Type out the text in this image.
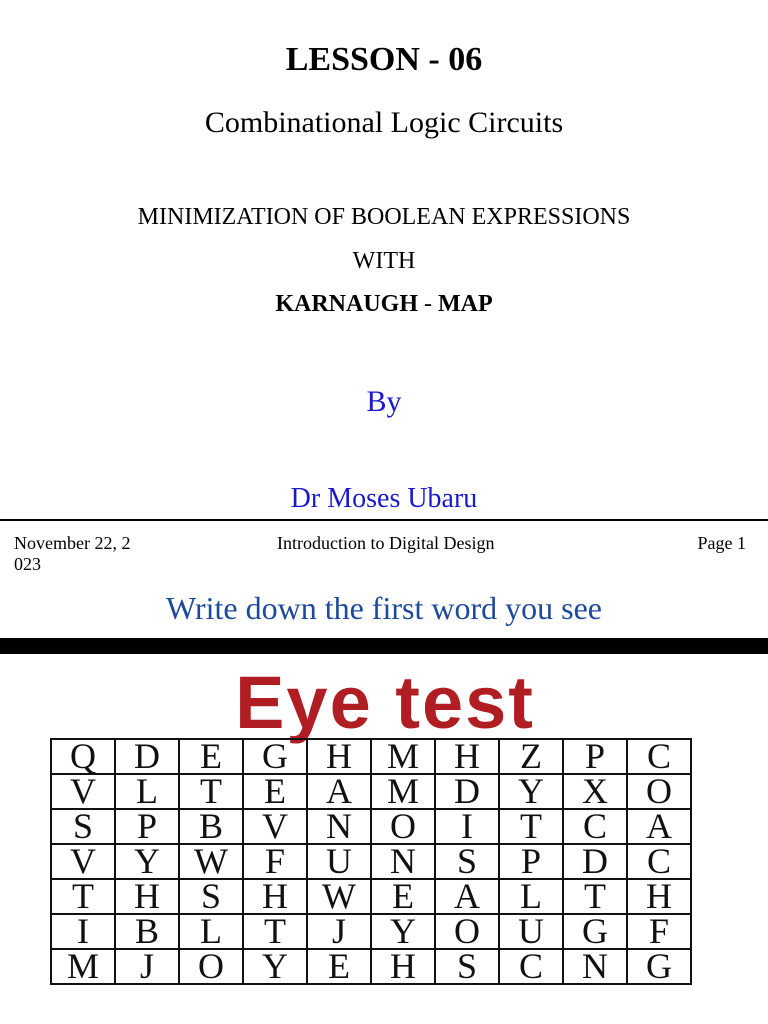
LESSON - 06
Combinational Logic Circuits
MINIMIZATION OF BOOLEAN EXPRESSIONS
WITH
KARNAUGH - MAP
By
Dr Moses Ubaru
November 22, 2
023
Introduction to Digital Design	Page 1
Write down the first word you see
Eye test
Q	D	E	G	H	M	H	Z	P	C
V	L	T	E	A	M	D	Y	X	O
S	P	B	V	N	O	I	T	C	A
V	Y	W	F	U	N	S	P	D	C
T	H	S	H	W	E	A	L	T	H
I	B	L	T	J	Y	O	U	G	F
M	J	O	Y	E	H	S	C	N	G
